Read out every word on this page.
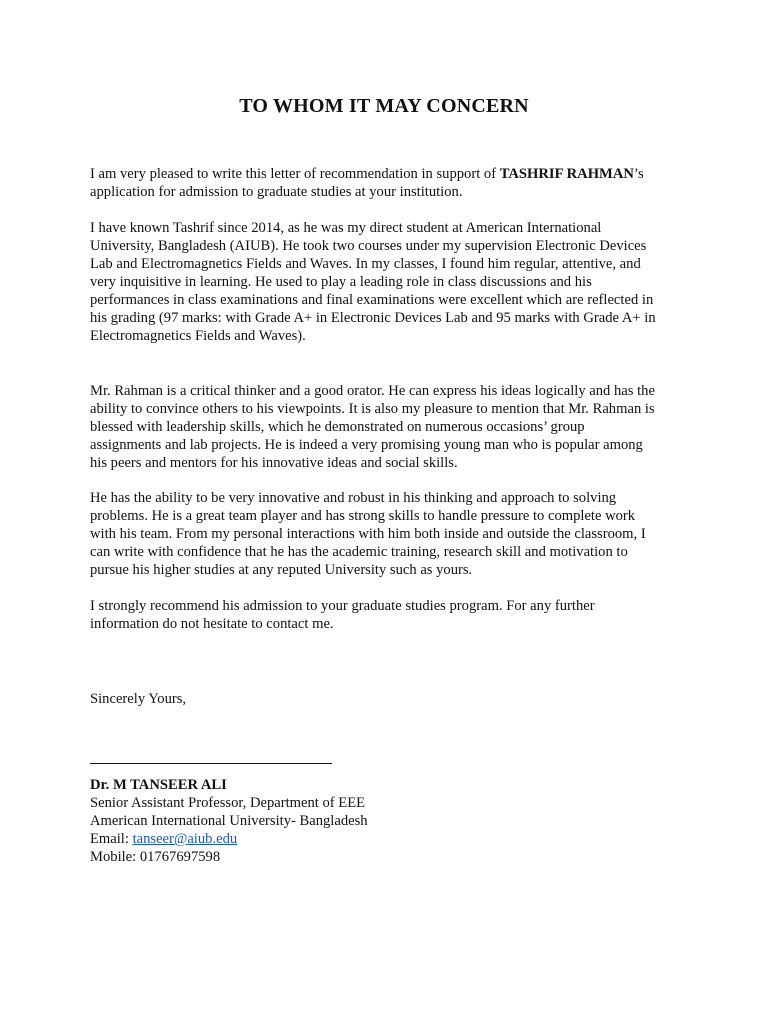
TO WHOM IT MAY CONCERN
I am very pleased to write this letter of recommendation in support of TASHRIF RAHMAN’s
application for admission to graduate studies at your institution.
I have known Tashrif since 2014, as he was my direct student at American International
University, Bangladesh (AIUB). He took two courses under my supervision Electronic Devices
Lab and Electromagnetics Fields and Waves. In my classes, I found him regular, attentive, and
very inquisitive in learning. He used to play a leading role in class discussions and his
performances in class examinations and final examinations were excellent which are reflected in
his grading (97 marks: with Grade A+ in Electronic Devices Lab and 95 marks with Grade A+ in
Electromagnetics Fields and Waves).
Mr. Rahman is a critical thinker and a good orator. He can express his ideas logically and has the
ability to convince others to his viewpoints. It is also my pleasure to mention that Mr. Rahman is
blessed with leadership skills, which he demonstrated on numerous occasions’ group
assignments and lab projects. He is indeed a very promising young man who is popular among
his peers and mentors for his innovative ideas and social skills.
He has the ability to be very innovative and robust in his thinking and approach to solving
problems. He is a great team player and has strong skills to handle pressure to complete work
with his team. From my personal interactions with him both inside and outside the classroom, I
can write with confidence that he has the academic training, research skill and motivation to
pursue his higher studies at any reputed University such as yours.
I strongly recommend his admission to your graduate studies program. For any further
information do not hesitate to contact me.
Sincerely Yours,
Dr. M TANSEER ALI
Senior Assistant Professor, Department of EEE
American International University- Bangladesh
Email: tanseer@aiub.edu
Mobile: 01767697598
